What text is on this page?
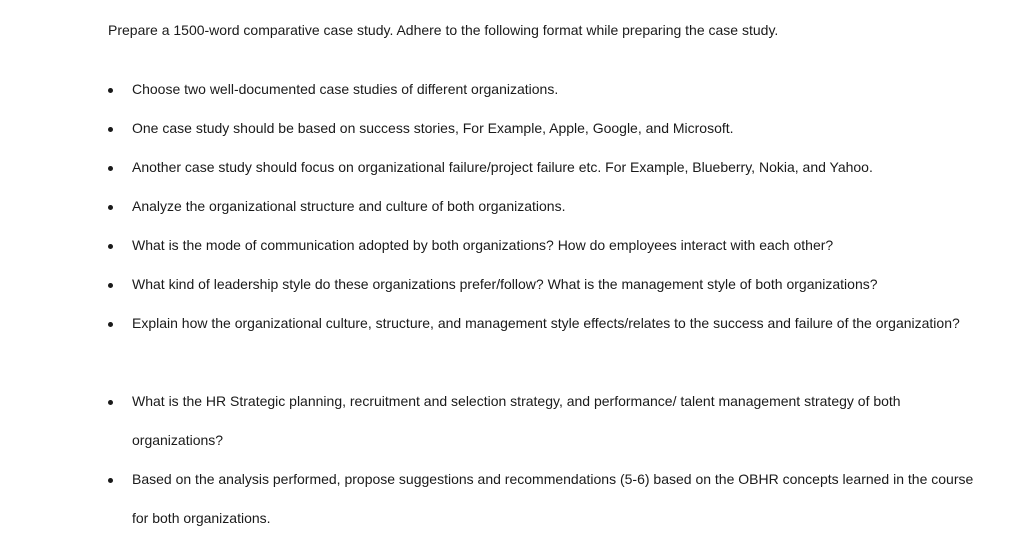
Prepare a 1500-word comparative case study. Adhere to the following format while preparing the case study.
Choose two well-documented case studies of different organizations.
One case study should be based on success stories, For Example, Apple, Google, and Microsoft.
Another case study should focus on organizational failure/project failure etc. For Example, Blueberry, Nokia, and Yahoo.
Analyze the organizational structure and culture of both organizations.
What is the mode of communication adopted by both organizations? How do employees interact with each other?
What kind of leadership style do these organizations prefer/follow? What is the management style of both organizations?
Explain how the organizational culture, structure, and management style effects/relates to the success and failure of the organization?
What is the HR Strategic planning, recruitment and selection strategy, and performance/ talent management strategy of both organizations?
Based on the analysis performed, propose suggestions and recommendations (5-6) based on the OBHR concepts learned in the course for both organizations.
